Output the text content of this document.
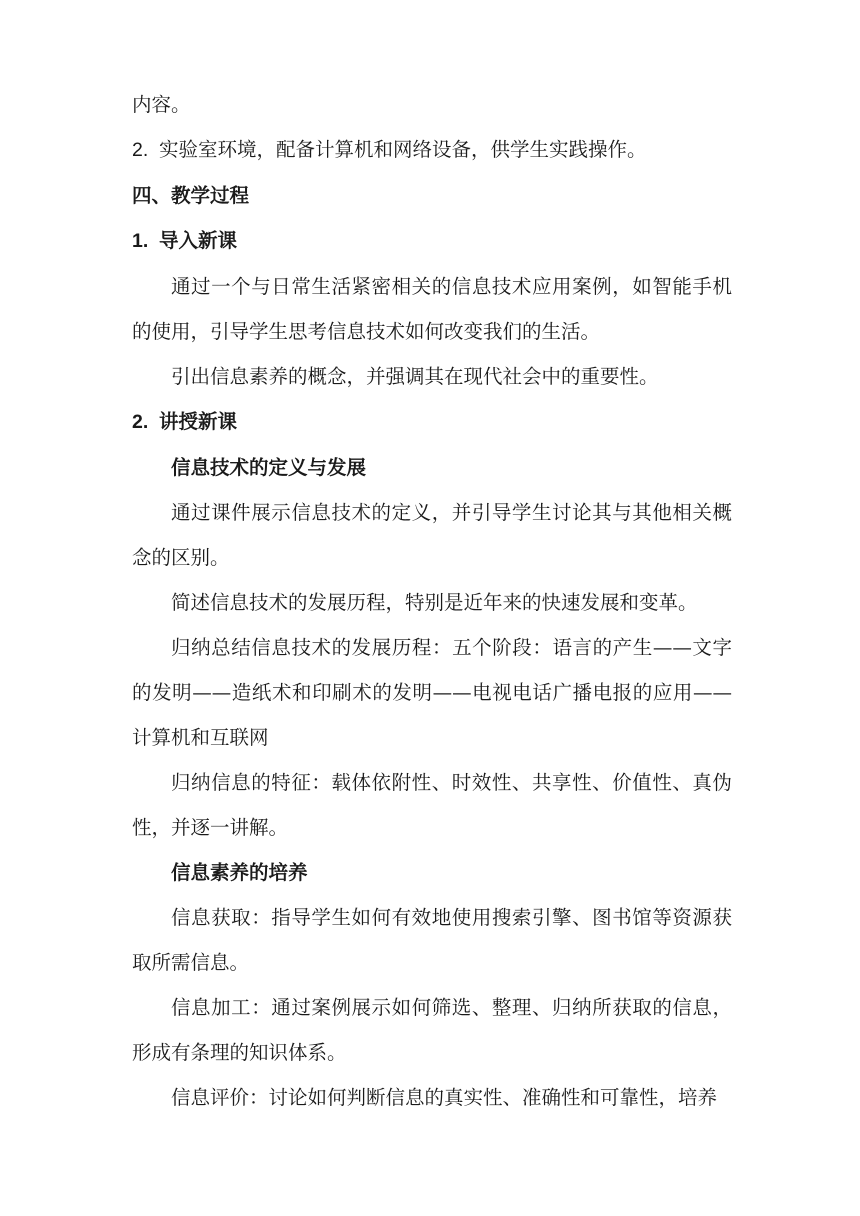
内容。

2. 实验室环境，配备计算机和网络设备，供学生实践操作。

四、教学过程

1. 导入新课

通过一个与日常生活紧密相关的信息技术应用案例，如智能手机的使用，引导学生思考信息技术如何改变我们的生活。

引出信息素养的概念，并强调其在现代社会中的重要性。

2. 讲授新课

信息技术的定义与发展

通过课件展示信息技术的定义，并引导学生讨论其与其他相关概念的区别。

简述信息技术的发展历程，特别是近年来的快速发展和变革。

归纳总结信息技术的发展历程：五个阶段：语言的产生——文字的发明——造纸术和印刷术的发明——电视电话广播电报的应用——计算机和互联网

归纳信息的特征：载体依附性、时效性、共享性、价值性、真伪性，并逐一讲解。

信息素养的培养

信息获取：指导学生如何有效地使用搜索引擎、图书馆等资源获取所需信息。

信息加工：通过案例展示如何筛选、整理、归纳所获取的信息，形成有条理的知识体系。

信息评价：讨论如何判断信息的真实性、准确性和可靠性，培养
